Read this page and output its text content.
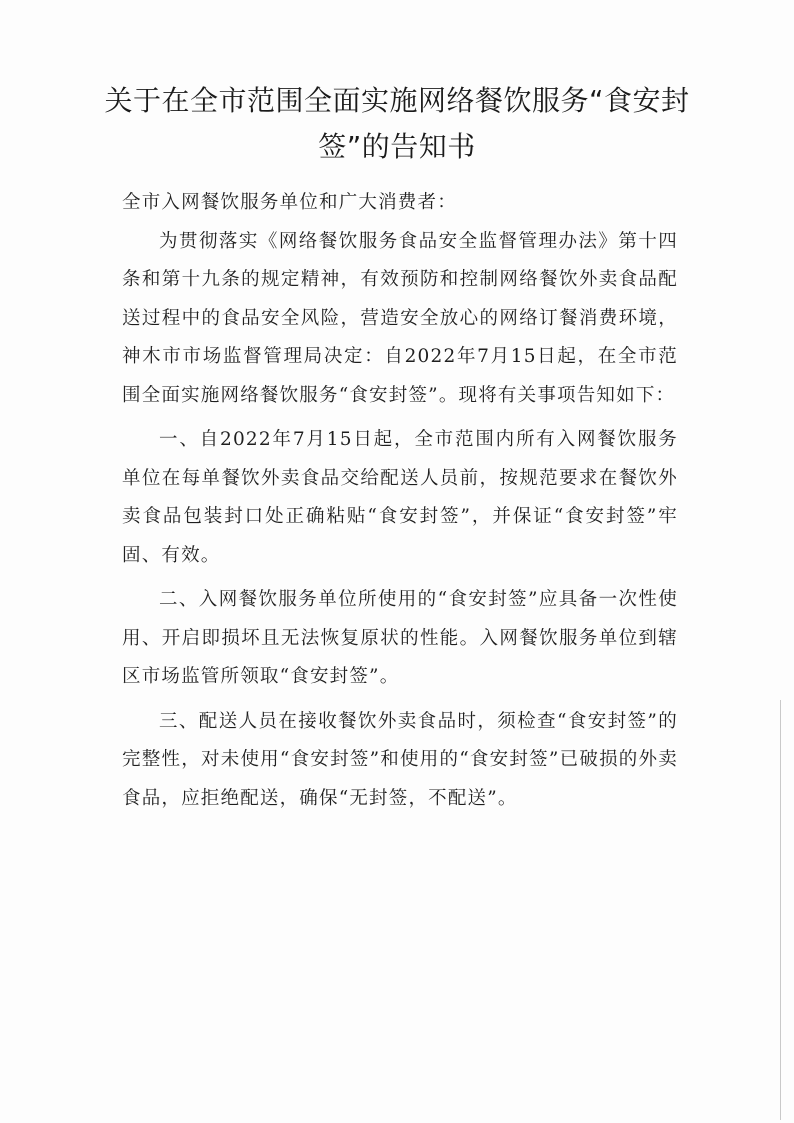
关于在全市范围全面实施网络餐饮服务“食安封签”的告知书

全市入网餐饮服务单位和广大消费者：

为贯彻落实《网络餐饮服务食品安全监督管理办法》第十四条和第十九条的规定精神，有效预防和控制网络餐饮外卖食品配送过程中的食品安全风险，营造安全放心的网络订餐消费环境，神木市市场监督管理局决定：自2022年7月15日起，在全市范围全面实施网络餐饮服务“食安封签”。现将有关事项告知如下：

一、自2022年7月15日起，全市范围内所有入网餐饮服务单位在每单餐饮外卖食品交给配送人员前，按规范要求在餐饮外卖食品包装封口处正确粘贴“食安封签”，并保证“食安封签”牢固、有效。

二、入网餐饮服务单位所使用的“食安封签”应具备一次性使用、开启即损坏且无法恢复原状的性能。入网餐饮服务单位到辖区市场监管所领取“食安封签”。

三、配送人员在接收餐饮外卖食品时，须检查“食安封签”的完整性，对未使用“食安封签”和使用的“食安封签”已破损的外卖食品，应拒绝配送，确保“无封签，不配送”。
